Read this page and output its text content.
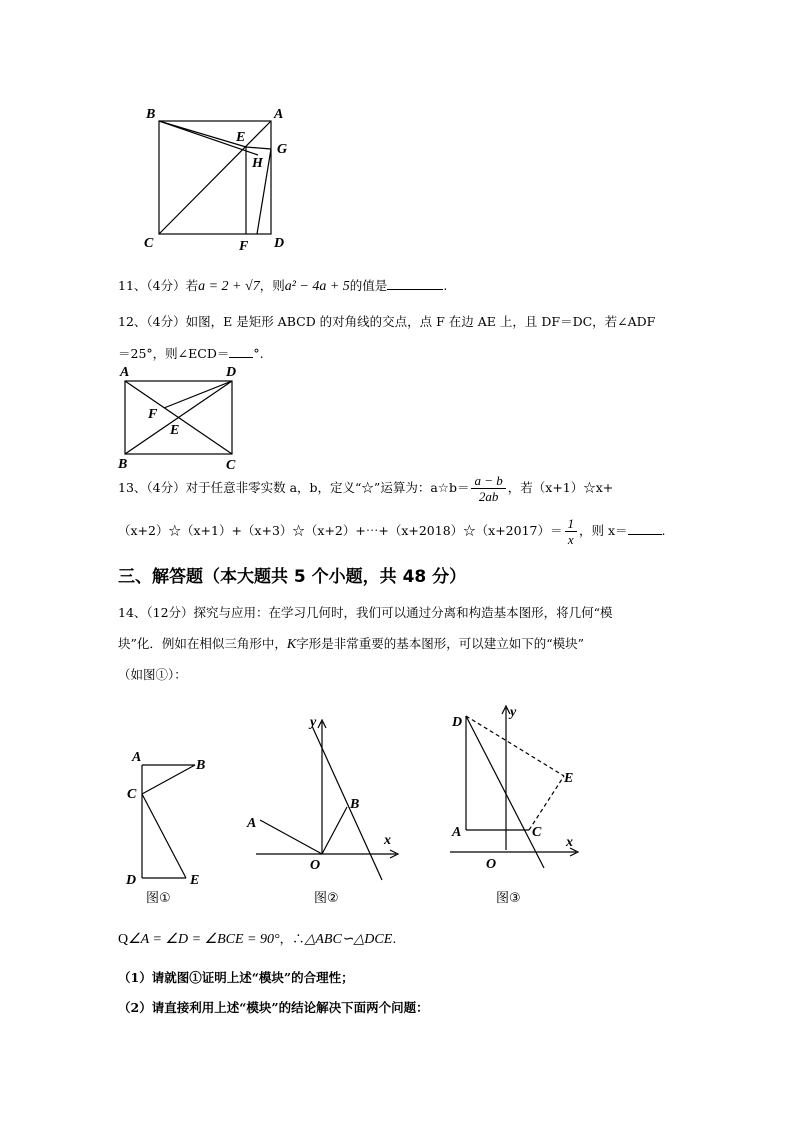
B	A
E
G
H
C	F D
11、（4分）若a = 2 + √7，则a² − 4a + 5的值是	.
12、（4分）如图，E 是矩形 ABCD 的对角线的交点，点 F 在边 AE 上，且 DF＝DC，若∠ADF
＝25°，则∠ECD＝ °.
A	D
F
E
B	C
13、（4分）对于任意非零实数 a，b，定义“☆”运算为：a☆b＝ $\frac{a - b}{2ab}$ ，若（x+1）☆x+
（x+2）☆（x+1）+（x+3）☆（x+2）+⋯+（x+2018）☆（x+2017）＝ $\frac{1}{x}$ ，则 x＝	.
三、解答题（本大题共 5 个小题，共 48 分）
14、（12分）探究与应用：在学习几何时，我们可以通过分离和构造基本图形，将几何“模
块”化．例如在相似三角形中，K字形是非常重要的基本图形，可以建立如下的“模块”
（如图①）：
A
B
C
D	E
图①
y
A
B
x
O
图②
D
y
E
A	C
x
O
图③
Q∠A = ∠D = ∠BCE = 90°，∴△ABC∽△DCE.
（1）请就图①证明上述“模块”的合理性；
（2）请直接利用上述“模块”的结论解决下面两个问题：
